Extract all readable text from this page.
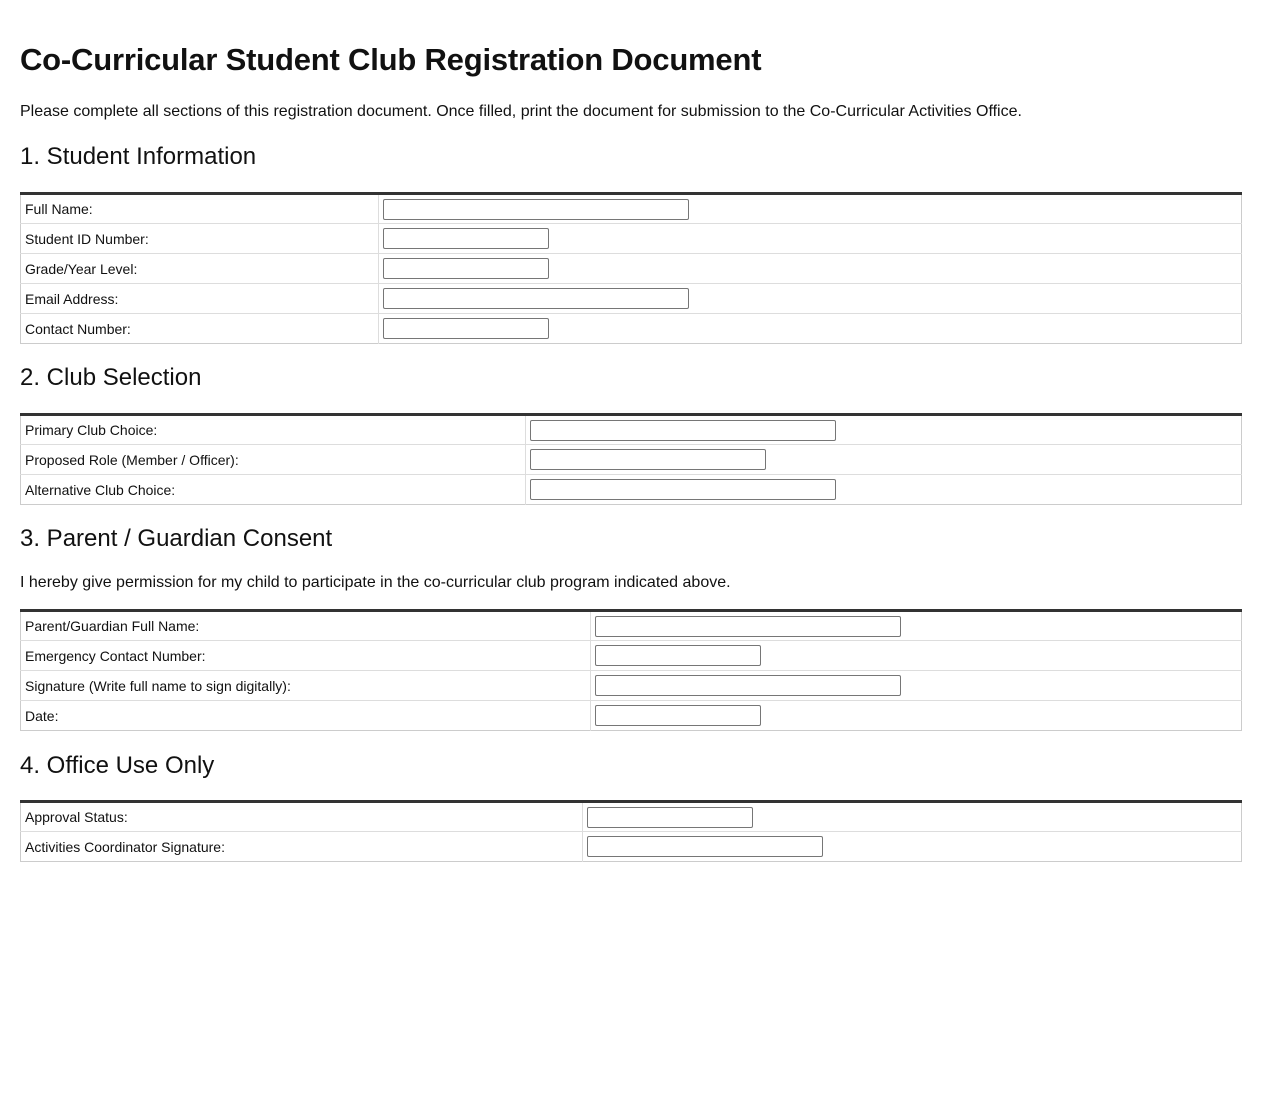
Co-Curricular Student Club Registration Document

Please complete all sections of this registration document. Once filled, print the document for submission to the Co-Curricular Activities Office.

1. Student Information
Full Name:	

Student ID Number:	

Grade/Year Level:	

Email Address:	

Contact Number:	
2. Club Selection
Primary Club Choice:	

Proposed Role (Member / Officer):	

Alternative Club Choice:	
3. Parent / Guardian Consent

I hereby give permission for my child to participate in the co-curricular club program indicated above.

Parent/Guardian Full Name:	

Emergency Contact Number:	

Signature (Write full name to sign digitally):	

Date:	
4. Office Use Only
Approval Status:	

Activities Coordinator Signature:	
